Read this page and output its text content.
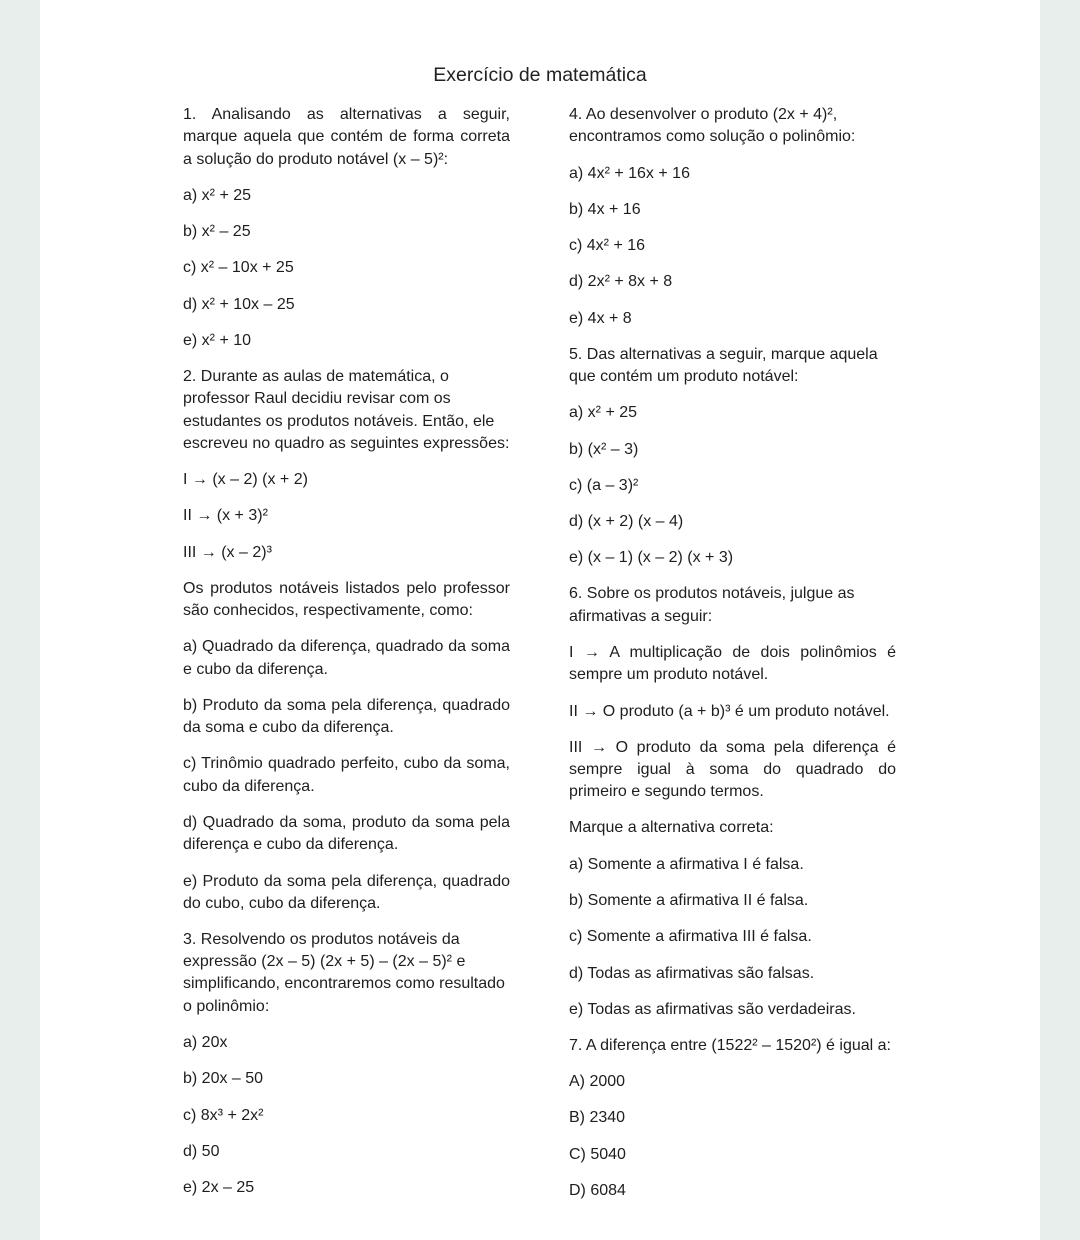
Exercício de matemática

1. Analisando as alternativas a seguir, marque aquela que contém de forma correta a solução do produto notável (x – 5)²:

a) x² + 25

b) x² – 25

c) x² – 10x + 25

d) x² + 10x – 25

e) x² + 10

2. Durante as aulas de matemática, o professor Raul decidiu revisar com os estudantes os produtos notáveis. Então, ele escreveu no quadro as seguintes expressões:

I → (x – 2) (x + 2)

II → (x + 3)²

III → (x – 2)³

Os produtos notáveis listados pelo professor são conhecidos, respectivamente, como:

a) Quadrado da diferença, quadrado da soma e cubo da diferença.

b) Produto da soma pela diferença, quadrado da soma e cubo da diferença.

c) Trinômio quadrado perfeito, cubo da soma, cubo da diferença.

d) Quadrado da soma, produto da soma pela diferença e cubo da diferença.

e) Produto da soma pela diferença, quadrado do cubo, cubo da diferença.

3. Resolvendo os produtos notáveis da expressão (2x – 5) (2x + 5) – (2x – 5)² e simplificando, encontraremos como resultado o polinômio:

a) 20x

b) 20x – 50

c) 8x³ + 2x²

d) 50

e) 2x – 25

4. Ao desenvolver o produto (2x + 4)², encontramos como solução o polinômio:

a) 4x² + 16x + 16

b) 4x + 16

c) 4x² + 16

d) 2x² + 8x + 8

e) 4x + 8

5. Das alternativas a seguir, marque aquela que contém um produto notável:

a) x² + 25

b) (x² – 3)

c) (a – 3)²

d) (x + 2) (x – 4)

e) (x – 1) (x – 2) (x + 3)

6. Sobre os produtos notáveis, julgue as afirmativas a seguir:

I → A multiplicação de dois polinômios é sempre um produto notável.

II → O produto (a + b)³ é um produto notável.

III → O produto da soma pela diferença é sempre igual à soma do quadrado do primeiro e segundo termos.

Marque a alternativa correta:

a) Somente a afirmativa I é falsa.

b) Somente a afirmativa II é falsa.

c) Somente a afirmativa III é falsa.

d) Todas as afirmativas são falsas.

e) Todas as afirmativas são verdadeiras.

7. A diferença entre (1522² – 1520²) é igual a:

A) 2000

B) 2340

C) 5040

D) 6084
